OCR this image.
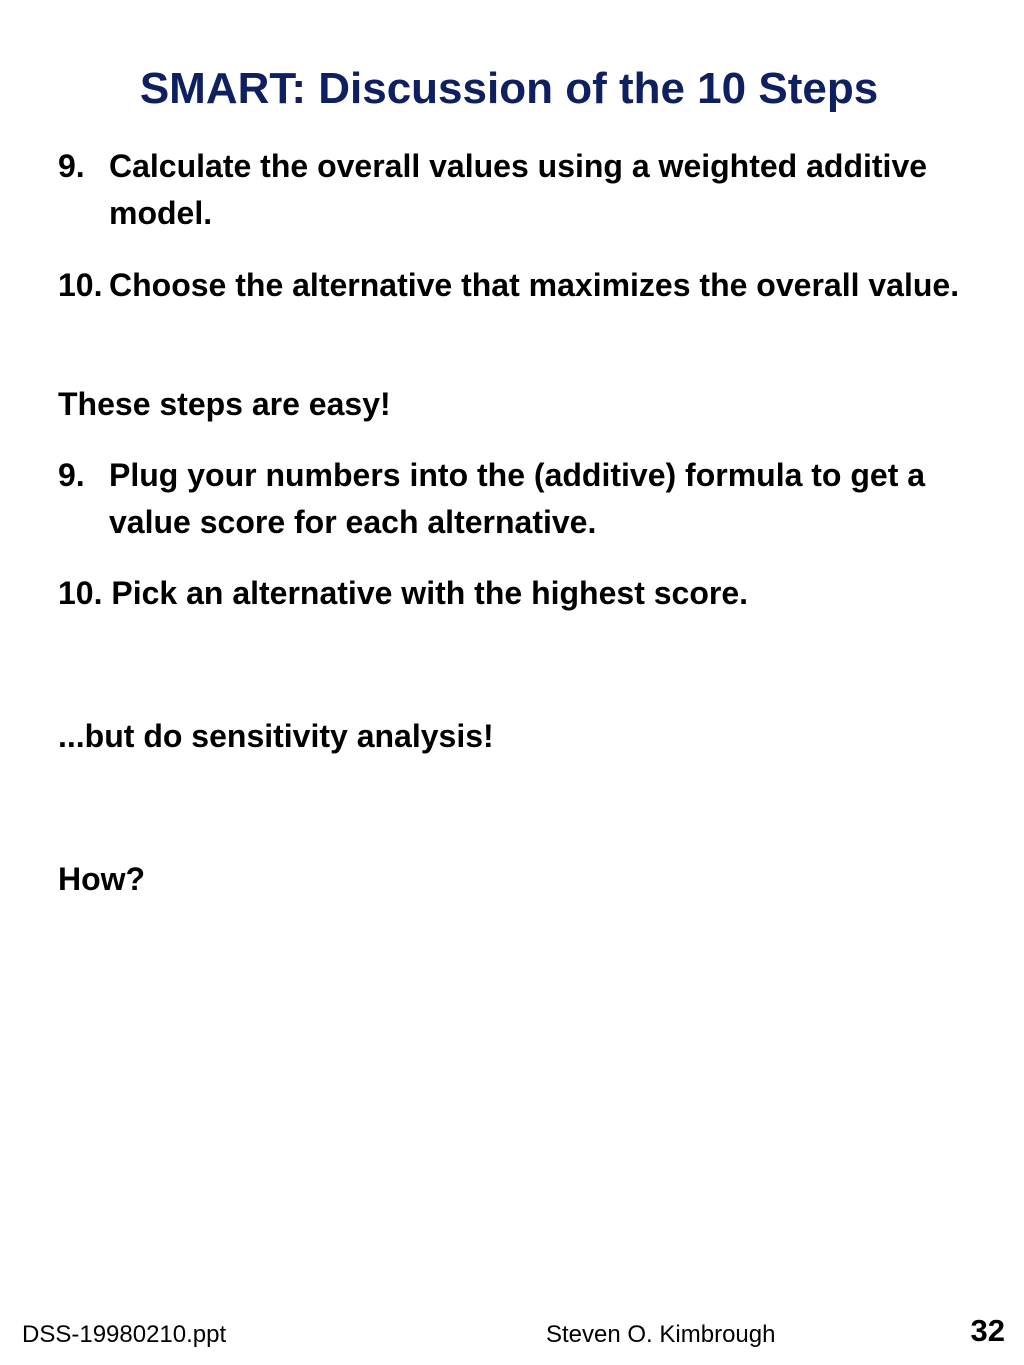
SMART: Discussion of the 10 Steps
9. Calculate the overall values using a weighted additive model.
10. Choose the alternative that maximizes the overall value.
These steps are easy!
9. Plug your numbers into the (additive) formula to get a value score for each alternative.
10. Pick an alternative with the highest score.
...but do sensitivity analysis!
How?
DSS-19980210.ppt	Steven O. Kimbrough	32
